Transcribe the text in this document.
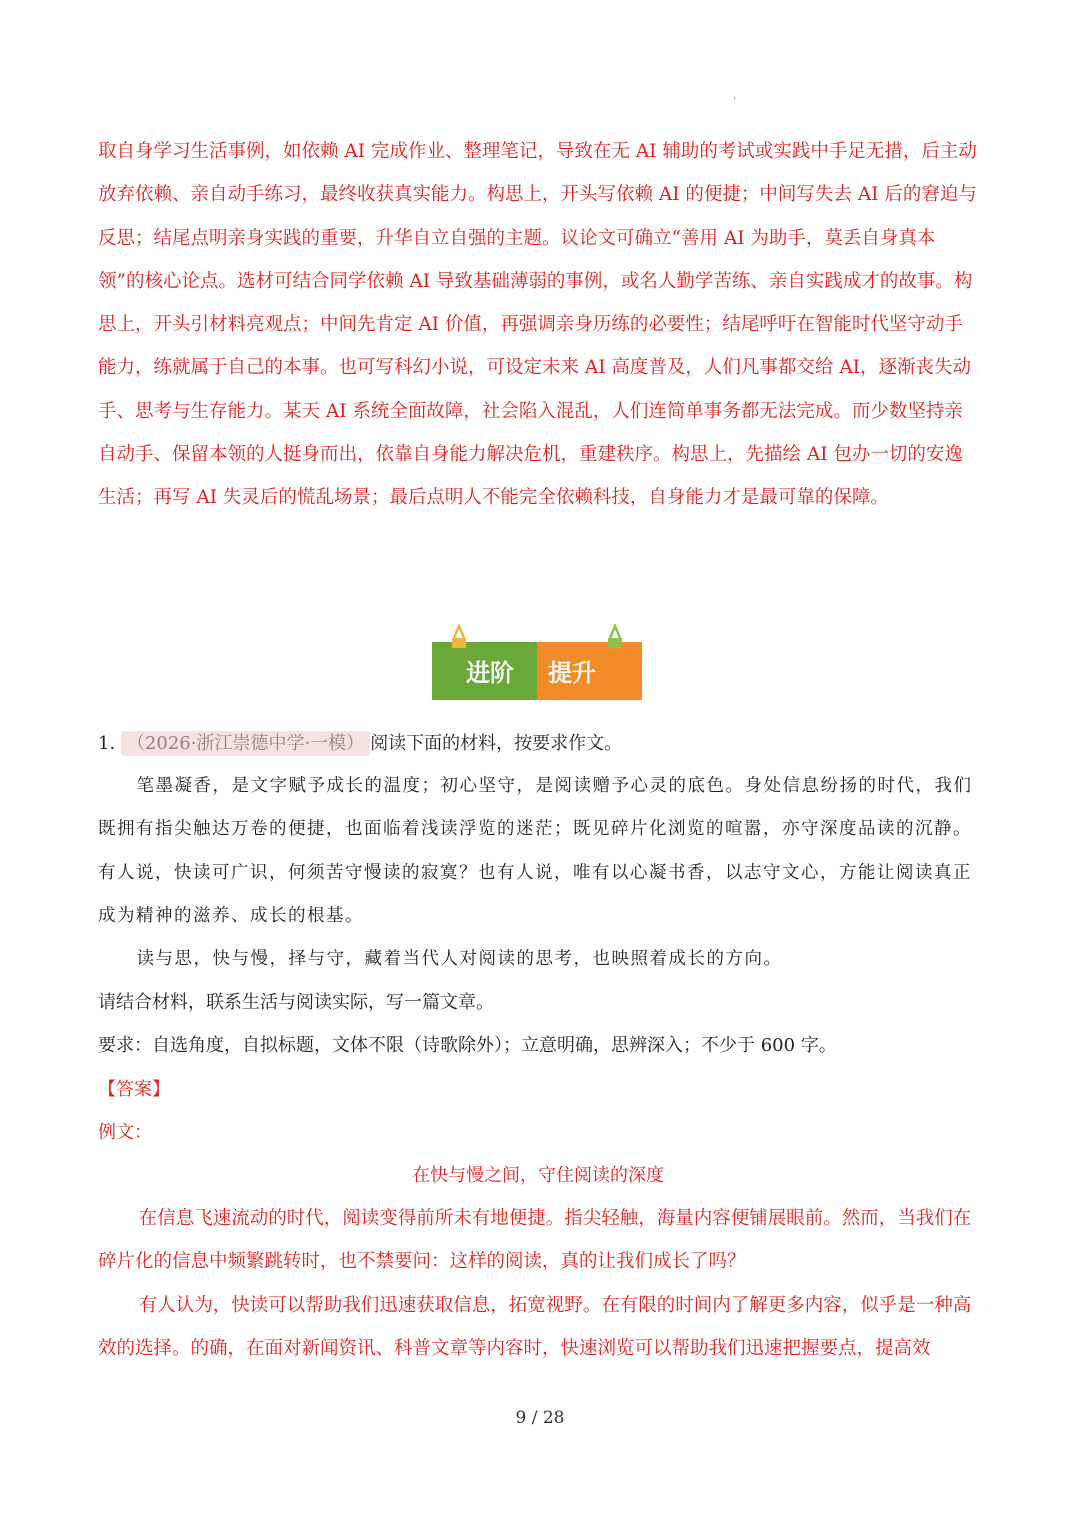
，

取自身学习生活事例，如依赖 AI 完成作业、整理笔记，导致在无 AI 辅助的考试或实践中手足无措，后主动放弃依赖、亲自动手练习，最终收获真实能力。构思上，开头写依赖 AI 的便捷；中间写失去 AI 后的窘迫与反思；结尾点明亲身实践的重要，升华自立自强的主题。议论文可确立“善用 AI 为助手，莫丢自身真本领”的核心论点。选材可结合同学依赖 AI 导致基础薄弱的事例，或名人勤学苦练、亲自实践成才的故事。构思上，开头引材料亮观点；中间先肯定 AI 价值，再强调亲身历练的必要性；结尾呼吁在智能时代坚守动手能力，练就属于自己的本事。也可写科幻小说，可设定未来 AI 高度普及，人们凡事都交给 AI，逐渐丧失动手、思考与生存能力。某天 AI 系统全面故障，社会陷入混乱，人们连简单事务都无法完成。而少数坚持亲自动手、保留本领的人挺身而出，依靠自身能力解决危机，重建秩序。构思上，先描绘 AI 包办一切的安逸生活；再写 AI 失灵后的慌乱场景；最后点明人不能完全依赖科技，自身能力才是最可靠的保障。

进阶 提升

1. （2026·浙江崇德中学·一模） 阅读下面的材料，按要求作文。

笔墨凝香，是文字赋予成长的温度；初心坚守，是阅读赠予心灵的底色。身处信息纷扬的时代，我们既拥有指尖触达万卷的便捷，也面临着浅读浮览的迷茫；既见碎片化浏览的喧嚣，亦守深度品读的沉静。有人说，快读可广识，何须苦守慢读的寂寞？也有人说，唯有以心凝书香，以志守文心，方能让阅读真正成为精神的滋养、成长的根基。

读与思，快与慢，择与守，藏着当代人对阅读的思考，也映照着成长的方向。

请结合材料，联系生活与阅读实际，写一篇文章。

要求：自选角度，自拟标题，文体不限（诗歌除外）；立意明确，思辨深入；不少于 600 字。

【答案】

例文：

在快与慢之间，守住阅读的深度

在信息飞速流动的时代，阅读变得前所未有地便捷。指尖轻触，海量内容便铺展眼前。然而，当我们在碎片化的信息中频繁跳转时，也不禁要问：这样的阅读，真的让我们成长了吗？

有人认为，快读可以帮助我们迅速获取信息，拓宽视野。在有限的时间内了解更多内容，似乎是一种高效的选择。的确，在面对新闻资讯、科普文章等内容时，快速浏览可以帮助我们迅速把握要点，提高效

9 / 28
